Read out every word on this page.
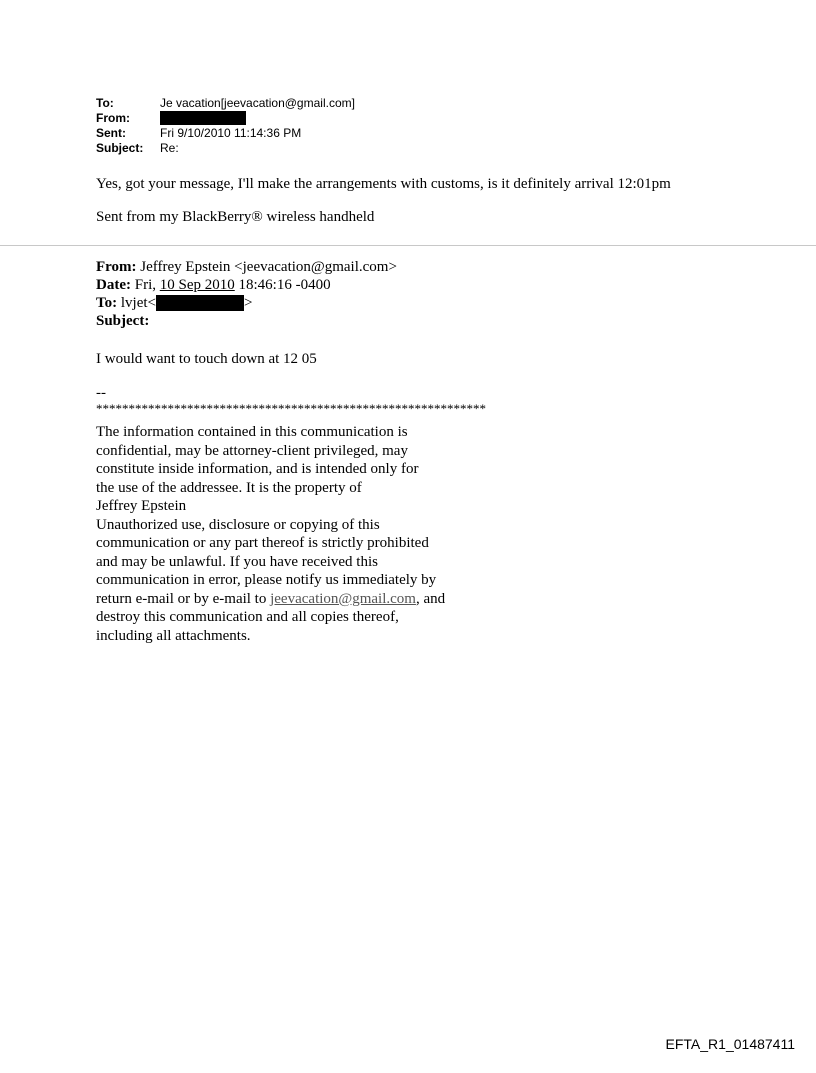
To:	Je vacation[jeevacation@gmail.com]
From:
Sent:	Fri 9/10/2010 11:14:36 PM
Subject:	Re:
Yes, got your message, I'll make the arrangements with customs, is it definitely arrival 12:01pm
Sent from my BlackBerry® wireless handheld
From: Jeffrey Epstein <jeevacation@gmail.com>
Date: Fri, 10 Sep 2010 18:46:16 -0400
To: lvjet<	>
Subject:
I would want to touch down at 12 05
--
************************************************************
The information contained in this communication is
confidential, may be attorney-client privileged, may
constitute inside information, and is intended only for
the use of the addressee. It is the property of
Jeffrey Epstein
Unauthorized use, disclosure or copying of this
communication or any part thereof is strictly prohibited
and may be unlawful. If you have received this
communication in error, please notify us immediately by
return e-mail or by e-mail to jeevacation@gmail.com, and
destroy this communication and all copies thereof,
including all attachments.
EFTA_R1_01487411
